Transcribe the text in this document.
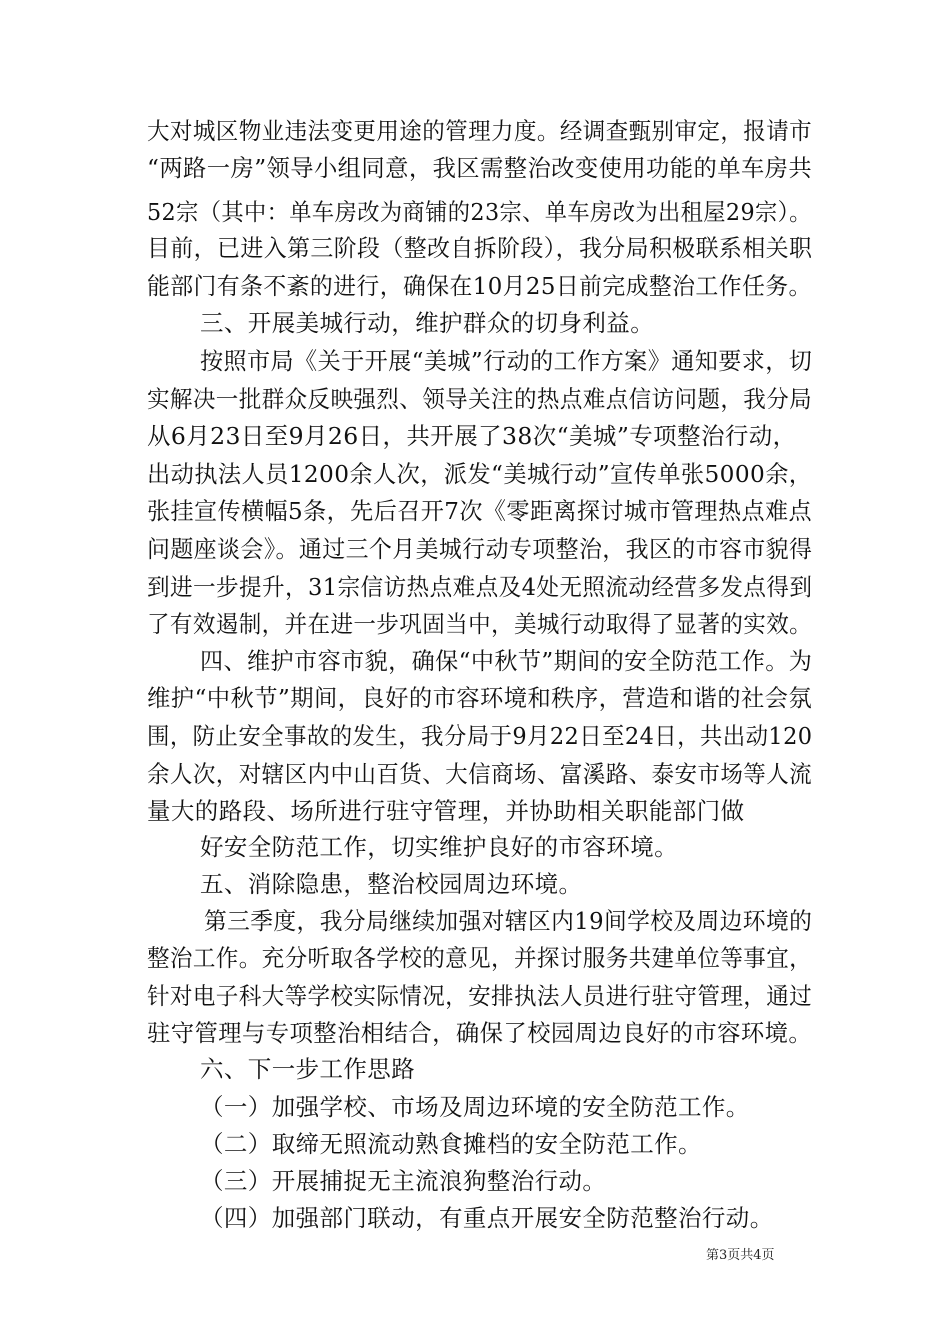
大对城区物业违法变更用途的管理力度。经调查甄别审定，报请市
“两路一房”领导小组同意，我区需整治改变使用功能的单车房共
52宗（其中：单车房改为商铺的23宗、单车房改为出租屋29宗）。
目前，已进入第三阶段（整改自拆阶段），我分局积极联系相关职
能部门有条不紊的进行，确保在10月25日前完成整治工作任务。
三、开展美城行动，维护群众的切身利益。
按照市局《关于开展“美城”行动的工作方案》通知要求，切
实解决一批群众反映强烈、领导关注的热点难点信访问题，我分局
从6月23日至9月26日，共开展了38次“美城”专项整治行动，
出动执法人员1200余人次，派发“美城行动”宣传单张5000余，
张挂宣传横幅5条，先后召开7次《零距离探讨城市管理热点难点
问题座谈会》。通过三个月美城行动专项整治，我区的市容市貌得
到进一步提升，31宗信访热点难点及4处无照流动经营多发点得到
了有效遏制，并在进一步巩固当中，美城行动取得了显著的实效。
四、维护市容市貌，确保“中秋节”期间的安全防范工作。为
维护“中秋节”期间，良好的市容环境和秩序，营造和谐的社会氛
围，防止安全事故的发生，我分局于9月22日至24日，共出动120
余人次，对辖区内中山百货、大信商场、富溪路、泰安市场等人流
量大的路段、场所进行驻守管理，并协助相关职能部门做
好安全防范工作，切实维护良好的市容环境。
五、消除隐患，整治校园周边环境。
第三季度，我分局继续加强对辖区内19间学校及周边环境的
整治工作。充分听取各学校的意见，并探讨服务共建单位等事宜，
针对电子科大等学校实际情况，安排执法人员进行驻守管理，通过
驻守管理与专项整治相结合，确保了校园周边良好的市容环境。
六、下一步工作思路
（一）加强学校、市场及周边环境的安全防范工作。
（二）取缔无照流动熟食摊档的安全防范工作。
（三）开展捕捉无主流浪狗整治行动。
（四）加强部门联动，有重点开展安全防范整治行动。
第3页共4页
